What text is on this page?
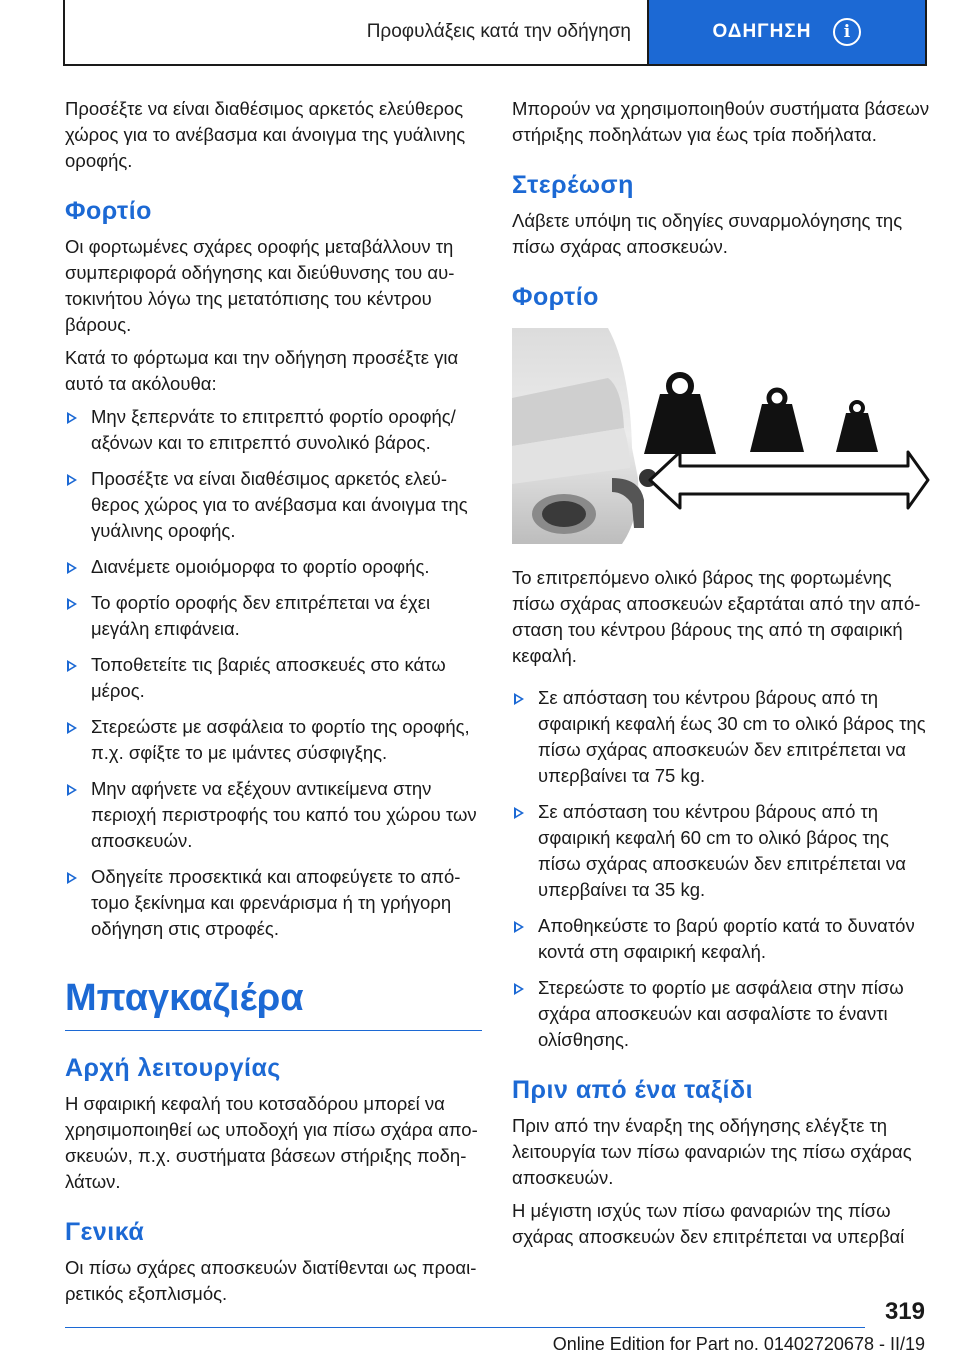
Προφυλάξεις κατά την οδήγηση	ΟΔΗΓΗΣΗ	i

Προσέξτε να είναι διαθέσιμος αρκετός ελεύθερος χώρος για το ανέβασμα και άνοιγμα της γυάλινης οροφής.

Φορτίο

Οι φορτωμένες σχάρες οροφής μεταβάλλουν τη συμπεριφορά οδήγησης και διεύθυνσης του αυτοκινήτου λόγω της μετατόπισης του κέντρου βάρους.

Κατά το φόρτωμα και την οδήγηση προσέξτε για αυτό τα ακόλουθα:

Μην ξεπερνάτε το επιτρεπτό φορτίο οροφής/ αξόνων και το επιτρεπτό συνολικό βάρος.
Προσέξτε να είναι διαθέσιμος αρκετός ελεύθερος χώρος για το ανέβασμα και άνοιγμα της γυάλινης οροφής.
Διανέμετε ομοιόμορφα το φορτίο οροφής.
Το φορτίο οροφής δεν επιτρέπεται να έχει μεγάλη επιφάνεια.
Τοποθετείτε τις βαριές αποσκευές στο κάτω μέρος.
Στερεώστε με ασφάλεια το φορτίο της οροφής, π.χ. σφίξτε το με ιμάντες σύσφιγξης.
Μην αφήνετε να εξέχουν αντικείμενα στην περιοχή περιστροφής του καπό του χώρου των αποσκευών.
Οδηγείτε προσεκτικά και αποφεύγετε το απότομο ξεκίνημα και φρενάρισμα ή τη γρήγορη οδήγηση στις στροφές.
Μπαγκαζιέρα
Αρχή λειτουργίας

Η σφαιρική κεφαλή του κοτσαδόρου μπορεί να χρησιμοποιηθεί ως υποδοχή για πίσω σχάρα αποσκευών, π.χ. συστήματα βάσεων στήριξης ποδηλάτων.

Γενικά

Οι πίσω σχάρες αποσκευών διατίθενται ως προαιρετικός εξοπλισμός.

Μπορούν να χρησιμοποιηθούν συστήματα βάσεων στήριξης ποδηλάτων για έως τρία ποδήλατα.

Στερέωση

Λάβετε υπόψη τις οδηγίες συναρμολόγησης της πίσω σχάρας αποσκευών.

Φορτίο

Το επιτρεπόμενο ολικό βάρος της φορτωμένης πίσω σχάρας αποσκευών εξαρτάται από την απόσταση του κέντρου βάρους της από τη σφαιρική κεφαλή.

Σε απόσταση του κέντρου βάρους από τη σφαιρική κεφαλή έως 30 cm το ολικό βάρος της πίσω σχάρας αποσκευών δεν επιτρέπεται να υπερβαίνει τα 75 kg.
Σε απόσταση του κέντρου βάρους από τη σφαιρική κεφαλή 60 cm το ολικό βάρος της πίσω σχάρας αποσκευών δεν επιτρέπεται να υπερβαίνει τα 35 kg.
Αποθηκεύστε το βαρύ φορτίο κατά το δυνατόν κοντά στη σφαιρική κεφαλή.
Στερεώστε το φορτίο με ασφάλεια στην πίσω σχάρα αποσκευών και ασφαλίστε το έναντι ολίσθησης.
Πριν από ένα ταξίδι

Πριν από την έναρξη της οδήγησης ελέγξτε τη λειτουργία των πίσω φαναριών της πίσω σχάρας αποσκευών.

Η μέγιστη ισχύς των πίσω φαναριών της πίσω σχάρας αποσκευών δεν επιτρέπεται να υπερβαί

319
Online Edition for Part no. 01402720678 - II/19
